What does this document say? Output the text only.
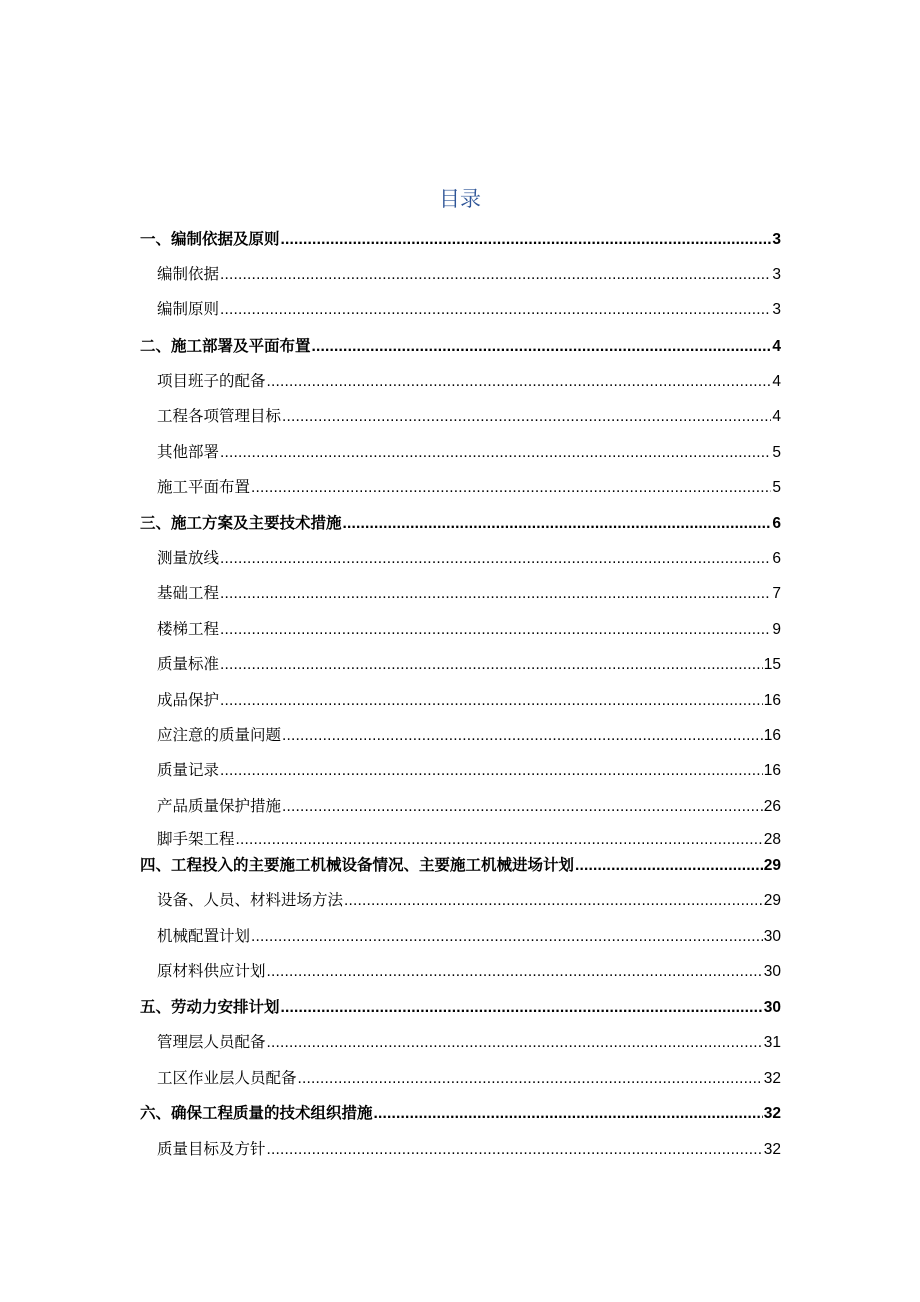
目录
一、编制依据及原则 .....	3
编制依据 .....	3
编制原则 .....	3
二、施工部署及平面布置 .....	4
项目班子的配备 .....	4
工程各项管理目标 .....	4
其他部署 .....	5
施工平面布置 .....	5
三、施工方案及主要技术措施 .....	6
测量放线 .....	6
基础工程 .....	7
楼梯工程 .....	9
质量标准 .....	15
成品保护 .....	16
应注意的质量问题 .....	16
质量记录 .....	16
产品质量保护措施 .....	26
脚手架工程 .....	28
四、工程投入的主要施工机械设备情况、主要施工机械进场计划 .....	29
设备、人员、材料进场方法 .....	29
机械配置计划 .....	30
原材料供应计划 .....	30
五、劳动力安排计划 .....	30
管理层人员配备 .....	31
工区作业层人员配备 .....	32
六、确保工程质量的技术组织措施 .....	32
质量目标及方针 .....	32
